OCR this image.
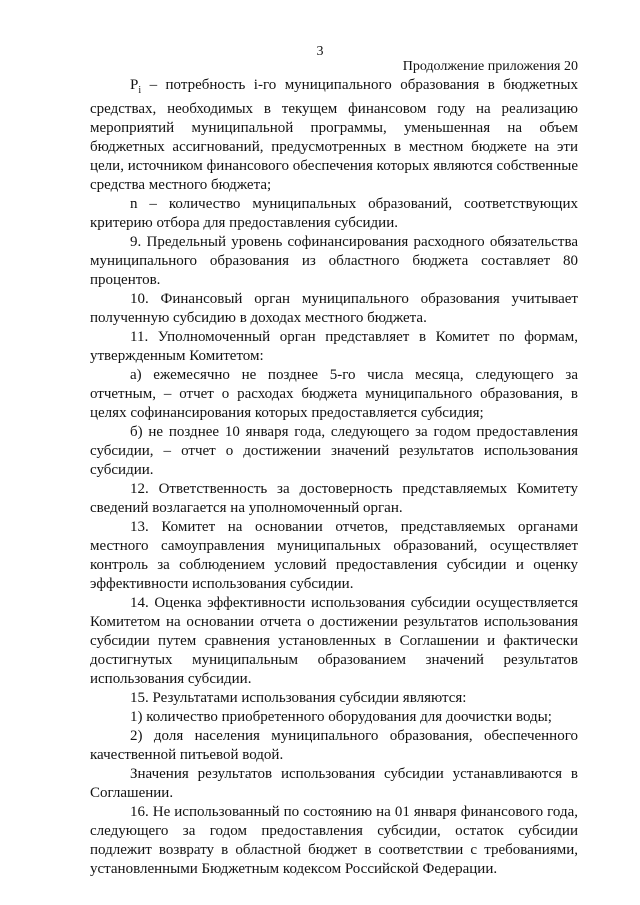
3
Продолжение приложения 20

$P_i$ – потребность i-го муниципального образования в бюджетных средствах, необходимых в текущем финансовом году на реализацию мероприятий муниципальной программы, уменьшенная на объем бюджетных ассигнований, предусмотренных в местном бюджете на эти цели, источником финансового обеспечения которых являются собственные средства местного бюджета;

n – количество муниципальных образований, соответствующих критерию отбора для предоставления субсидии.

9. Предельный уровень софинансирования расходного обязательства муниципального образования из областного бюджета составляет 80 процентов.

10. Финансовый орган муниципального образования учитывает полученную субсидию в доходах местного бюджета.

11. Уполномоченный орган представляет в Комитет по формам, утвержденным Комитетом:

а) ежемесячно не позднее 5-го числа месяца, следующего за отчетным, – отчет о расходах бюджета муниципального образования, в целях софинансирования которых предоставляется субсидия;

б) не позднее 10 января года, следующего за годом предоставления субсидии, – отчет о достижении значений результатов использования субсидии.

12. Ответственность за достоверность представляемых Комитету сведений возлагается на уполномоченный орган.

13. Комитет на основании отчетов, представляемых органами местного самоуправления муниципальных образований, осуществляет контроль за соблюдением условий предоставления субсидии и оценку эффективности использования субсидии.

14. Оценка эффективности использования субсидии осуществляется Комитетом на основании отчета о достижении результатов использования субсидии путем сравнения установленных в Соглашении и фактически достигнутых муниципальным образованием значений результатов использования субсидии.

15. Результатами использования субсидии являются:

1) количество приобретенного оборудования для доочистки воды;

2) доля населения муниципального образования, обеспеченного качественной питьевой водой.

Значения результатов использования субсидии устанавливаются в Соглашении.

16. Не использованный по состоянию на 01 января финансового года, следующего за годом предоставления субсидии, остаток субсидии подлежит возврату в областной бюджет в соответствии с требованиями, установленными Бюджетным кодексом Российской Федерации.
